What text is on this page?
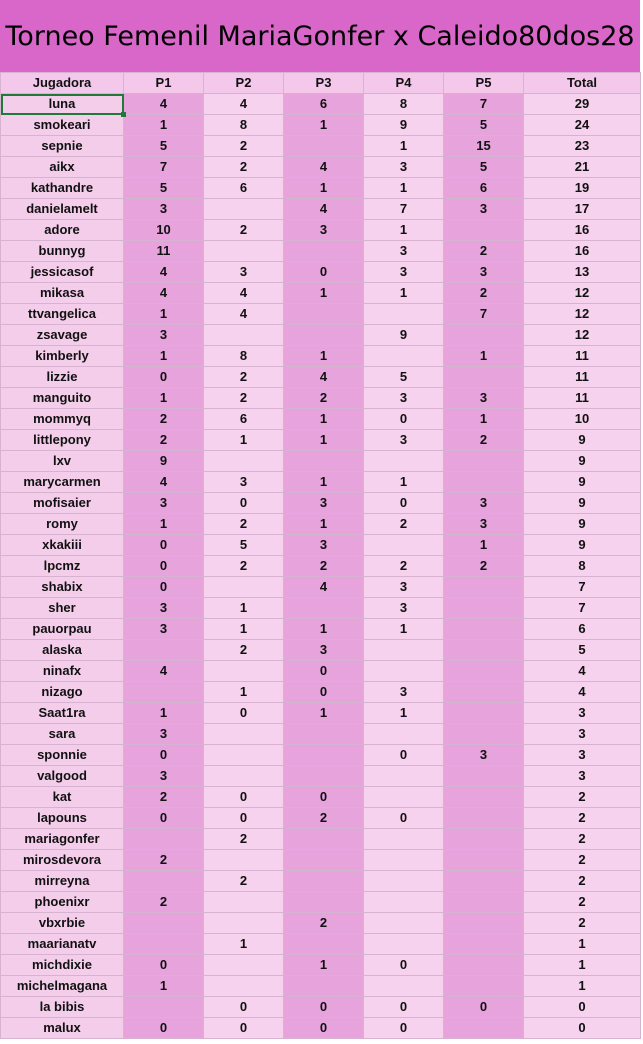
Torneo Femenil MariaGonfer x Caleido80dos28
Jugadora	P1	P2	P3	P4	P5	Total
luna	4	4	6	8	7	29
smokeari	1	8	1	9	5	24
sepnie	5	2		1	15	23
aikx	7	2	4	3	5	21
kathandre	5	6	1	1	6	19
danielamelt	3		4	7	3	17
adore	10	2	3	1		16
bunnyg	11			3	2	16
jessicasof	4	3	0	3	3	13
mikasa	4	4	1	1	2	12
ttvangelica	1	4			7	12
zsavage	3			9		12
kimberly	1	8	1		1	11
lizzie	0	2	4	5		11
manguito	1	2	2	3	3	11
mommyq	2	6	1	0	1	10
littlepony	2	1	1	3	2	9
lxv	9					9
marycarmen	4	3	1	1		9
mofisaier	3	0	3	0	3	9
romy	1	2	1	2	3	9
xkakiii	0	5	3		1	9
lpcmz	0	2	2	2	2	8
shabix	0		4	3		7
sher	3	1		3		7
pauorpau	3	1	1	1		6
alaska		2	3			5
ninafx	4		0			4
nizago		1	0	3		4
Saat1ra	1	0	1	1		3
sara	3					3
sponnie	0			0	3	3
valgood	3					3
kat	2	0	0			2
lapouns	0	0	2	0		2
mariagonfer		2				2
mirosdevora	2					2
mirreyna		2				2
phoenixr	2					2
vbxrbie			2			2
maarianatv		1				1
michdixie	0		1	0		1
michelmagana	1					1
la bibis		0	0	0	0	0
malux	0	0	0	0		0
